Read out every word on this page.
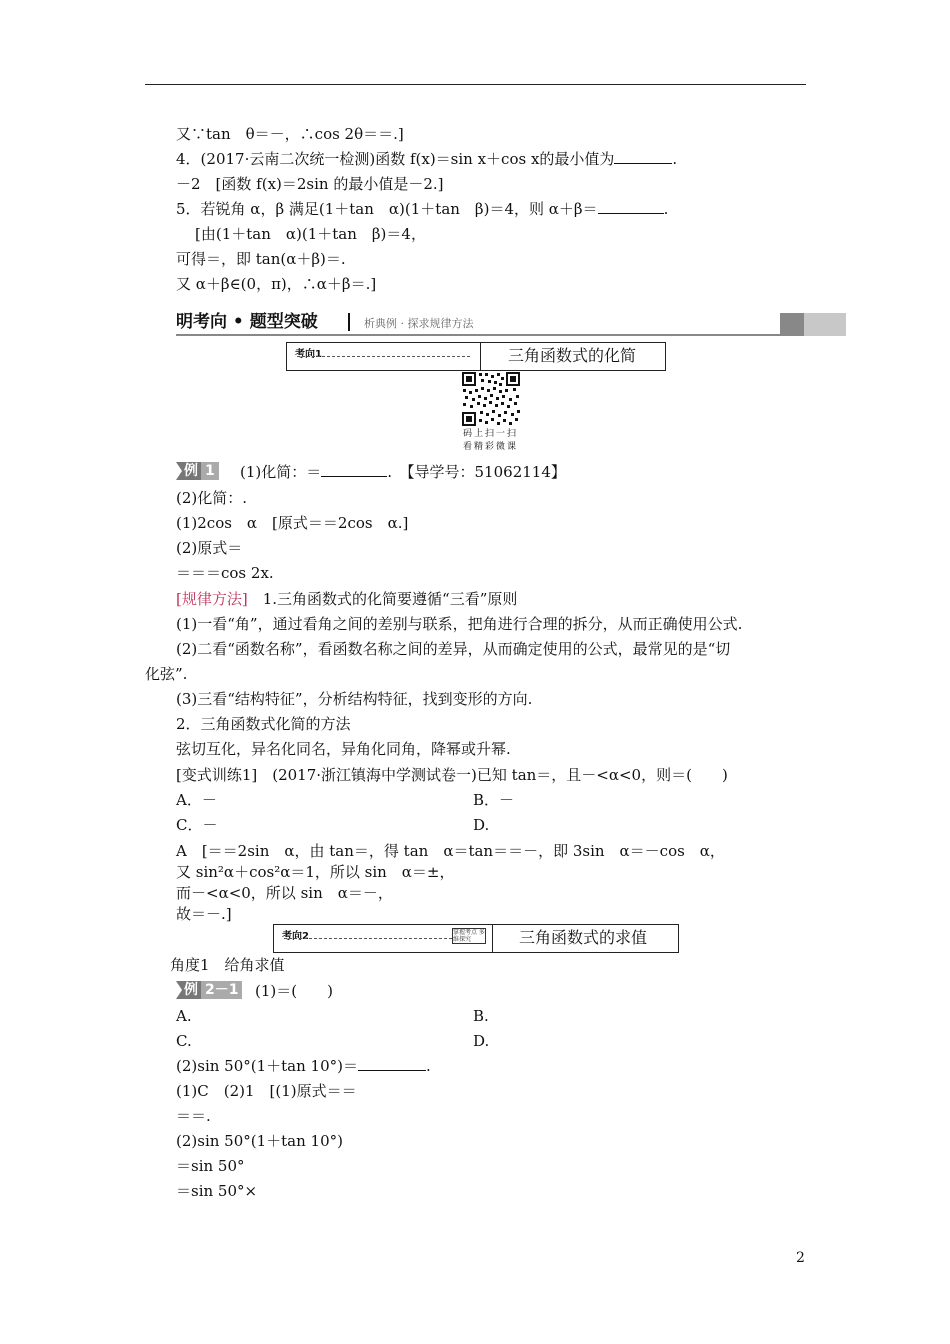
又∵tan　θ＝－，∴cos 2θ＝＝.]
4．(2017·云南二次统一检测)函数 f(x)＝sin x＋cos x的最小值为	.
－2　[函数 f(x)＝2sin 的最小值是－2.]
5．若锐角 α，β 满足(1＋tan　α)(1＋tan　β)＝4，则 α＋β＝	.
[由(1＋tan　α)(1＋tan　β)＝4，
可得＝，即 tan(α＋β)＝.
又 α＋β∈(0，π)，∴α＋β＝.]
明考向 • 题型突破	析典例 · 探求规律方法
考向1	三角函数式的化简
码上扫一扫
看精彩微课
例 1 (1)化简：＝	.　【导学号：51062114】
(2)化简：.
(1)2cos　α　[原式＝＝2cos　α.]
(2)原式＝
＝＝＝cos 2x.
[规律方法]　1.三角函数式的化简要遵循“三看”原则
(1)一看“角”，通过看角之间的差别与联系，把角进行合理的拆分，从而正确使用公式.
(2)二看“函数名称”，看函数名称之间的差异，从而确定使用的公式，最常见的是“切
化弦”.
(3)三看“结构特征”，分析结构特征，找到变形的方向.
2．三角函数式化简的方法
弦切互化，异名化同名，异角化同角，降幂或升幂.
[变式训练1]　(2017·浙江镇海中学测试卷一)已知 tan＝，且－<α<0，则＝(　　)
A．－	B．－
C．－	D.
A　[＝＝2sin　α，由 tan＝，得 tan　α＝tan＝＝－，即 3sin　α＝－cos　α，
又 sin²α＋cos²α＝1，所以 sin　α＝±，
而－<α<0，所以 sin　α＝－，
故＝－.]
考向2	掌握考点 多维探究	三角函数式的求值
角度1　给角求值
例 2－1 　(1)＝(　　)
A.	B.
C.	D.
(2)sin 50°(1＋tan 10°)＝	.
(1)C　(2)1　[(1)原式＝＝
＝＝.
(2)sin 50°(1＋tan 10°)
＝sin 50°
＝sin 50°×
2
